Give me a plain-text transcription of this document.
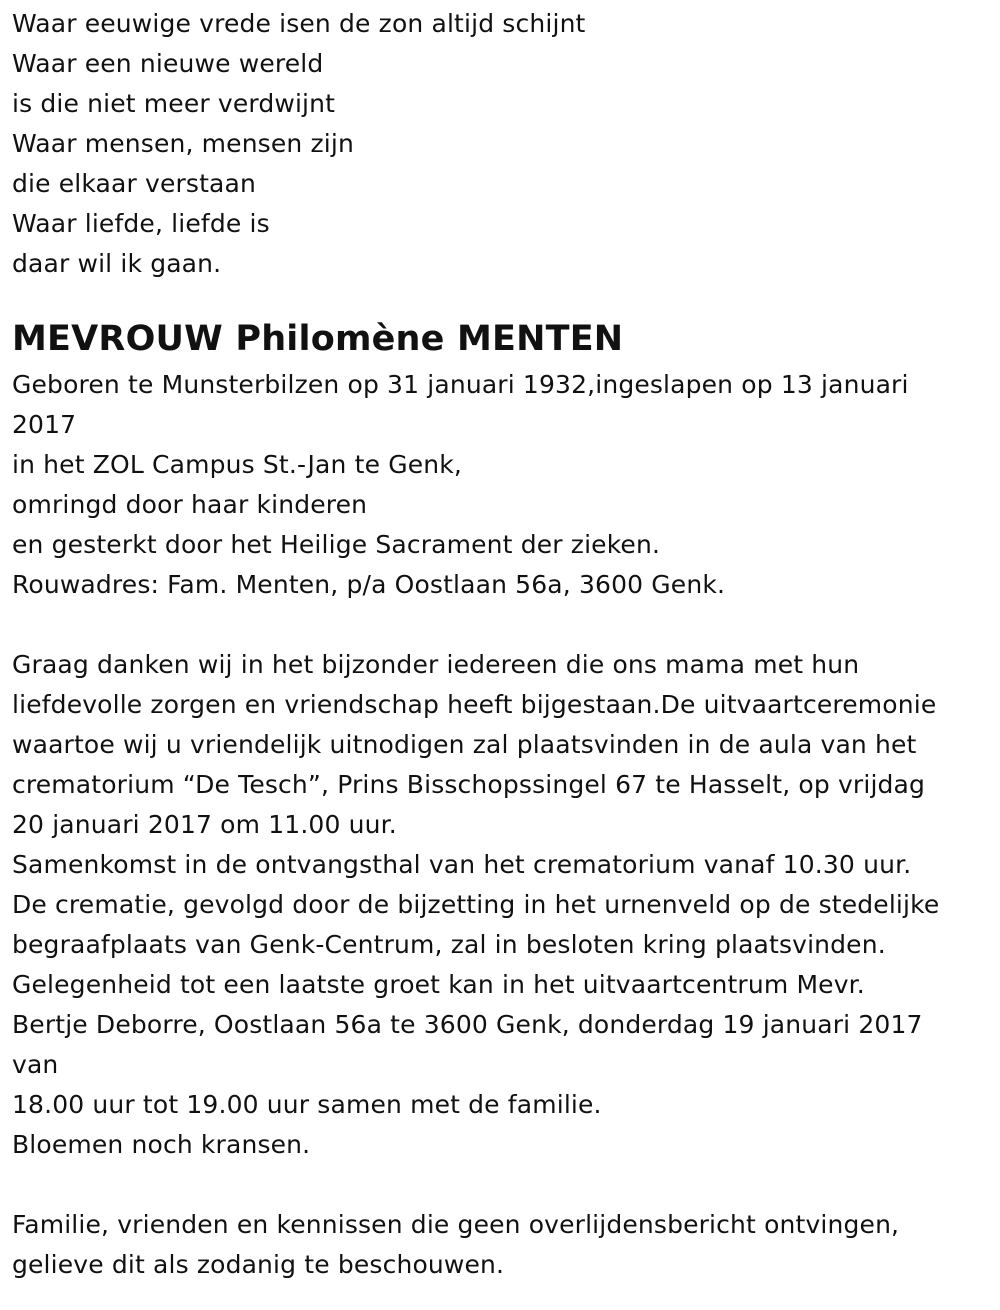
Waar eeuwige vrede isen de zon altijd schijnt
Waar een nieuwe wereld
is die niet meer verdwijnt
Waar mensen, mensen zijn
die elkaar verstaan
Waar liefde, liefde is
daar wil ik gaan.
MEVROUW Philomène MENTEN
Geboren te Munsterbilzen op 31 januari 1932,ingeslapen op 13 januari
2017
in het ZOL Campus St.-Jan te Genk,
omringd door haar kinderen
en gesterkt door het Heilige Sacrament der zieken.
Rouwadres: Fam. Menten, p/a Oostlaan 56a, 3600 Genk.
Graag danken wij in het bijzonder iedereen die ons mama met hun
liefdevolle zorgen en vriendschap heeft bijgestaan.De uitvaartceremonie
waartoe wij u vriendelijk uitnodigen zal plaatsvinden in de aula van het
crematorium “De Tesch”, Prins Bisschopssingel 67 te Hasselt, op vrijdag
20 januari 2017 om 11.00 uur.
Samenkomst in de ontvangsthal van het crematorium vanaf 10.30 uur.
De crematie, gevolgd door de bijzetting in het urnenveld op de stedelijke
begraafplaats van Genk-Centrum, zal in besloten kring plaatsvinden.
Gelegenheid tot een laatste groet kan in het uitvaartcentrum Mevr.
Bertje Deborre, Oostlaan 56a te 3600 Genk, donderdag 19 januari 2017
van
18.00 uur tot 19.00 uur samen met de familie.
Bloemen noch kransen.
Familie, vrienden en kennissen die geen overlijdensbericht ontvingen,
gelieve dit als zodanig te beschouwen.
